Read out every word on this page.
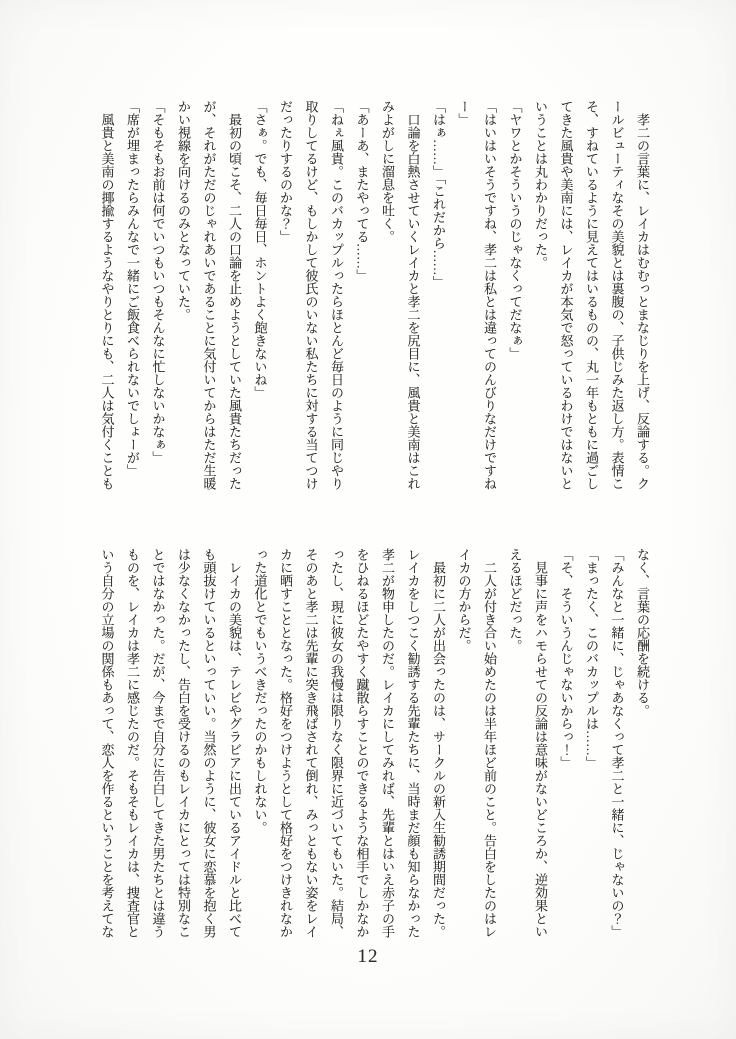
　孝二の言葉に、レイカはむむっとまなじりを上げ、反論する。ク
ールビューティなその美貌とは裏腹の、子供じみた返し方。表情こ
そ、すねているように見えてはいるものの、丸一年もともに過ごし
てきた風貴や美南には、レイカが本気で怒っているわけではないと
いうことは丸わかりだった。
「ヤワとかそういうのじゃなくってだなぁ」
「はいはいそうですね、孝二は私とは違ってのんびりなだけですね
ー」
「はぁ……」「これだから……」
　口論を白熱させていくレイカと孝二を尻目に、風貴と美南はこれ
みよがしに溜息を吐く。
「あーあ、またやってる……」
「ねぇ風貴。このバカップルったらほとんど毎日のように同じやり
取りしてるけど、もしかして彼氏のいない私たちに対する当てつけ
だったりするのかな？」
「さぁ。でも、毎日毎日、ホントよく飽きないね」
　最初の頃こそ、二人の口論を止めようとしていた風貴たちだった
が、それがただのじゃれあいであることに気付いてからはただ生暖
かい視線を向けるのみとなっていた。
「そもそもお前は何でいつもいつもそんなに忙しないかなぁ」
「席が埋まったらみんなで一緒にご飯食べられないでしょーが」
　風貴と美南の揶揄するようなやりとりにも、二人は気付くことも
なく、言葉の応酬を続ける。
「みんなと一緒に、じゃあなくって孝二と一緒に、じゃないの？」
「まったく、このバカップルは……」
「そ、そういうんじゃないからっ！」
　見事に声をハモらせての反論は意味がないどころか、逆効果とい
えるほどだった。
　二人が付き合い始めたのは半年ほど前のこと。告白をしたのはレ
イカの方からだ。
　最初に二人が出会ったのは、サークルの新入生勧誘期間だった。
レイカをしつこく勧誘する先輩たちに、当時まだ顔も知らなかった
孝二が物申したのだ。レイカにしてみれば、先輩とはいえ赤子の手
をひねるほどたやすく蹴散らすことのできるような相手でしかなか
ったし、現に彼女の我慢は限りなく限界に近づいてもいた。結局、
そのあと孝二は先輩に突き飛ばされて倒れ、みっともない姿をレイ
カに晒すこととなった。格好をつけようとして格好をつけきれなか
った道化とでもいうべきだったのかもしれない。
　レイカの美貌は、テレビやグラビアに出ているアイドルと比べて
も頭抜けているといっていい。当然のように、彼女に恋慕を抱く男
は少なくなかったし、告白を受けるのもレイカにとっては特別なこ
とではなかった。だが、今まで自分に告白してきた男たちとは違う
ものを、レイカは孝二に感じたのだ。そもそもレイカは、捜査官と
いう自分の立場の関係もあって、恋人を作るということを考えてな
12
